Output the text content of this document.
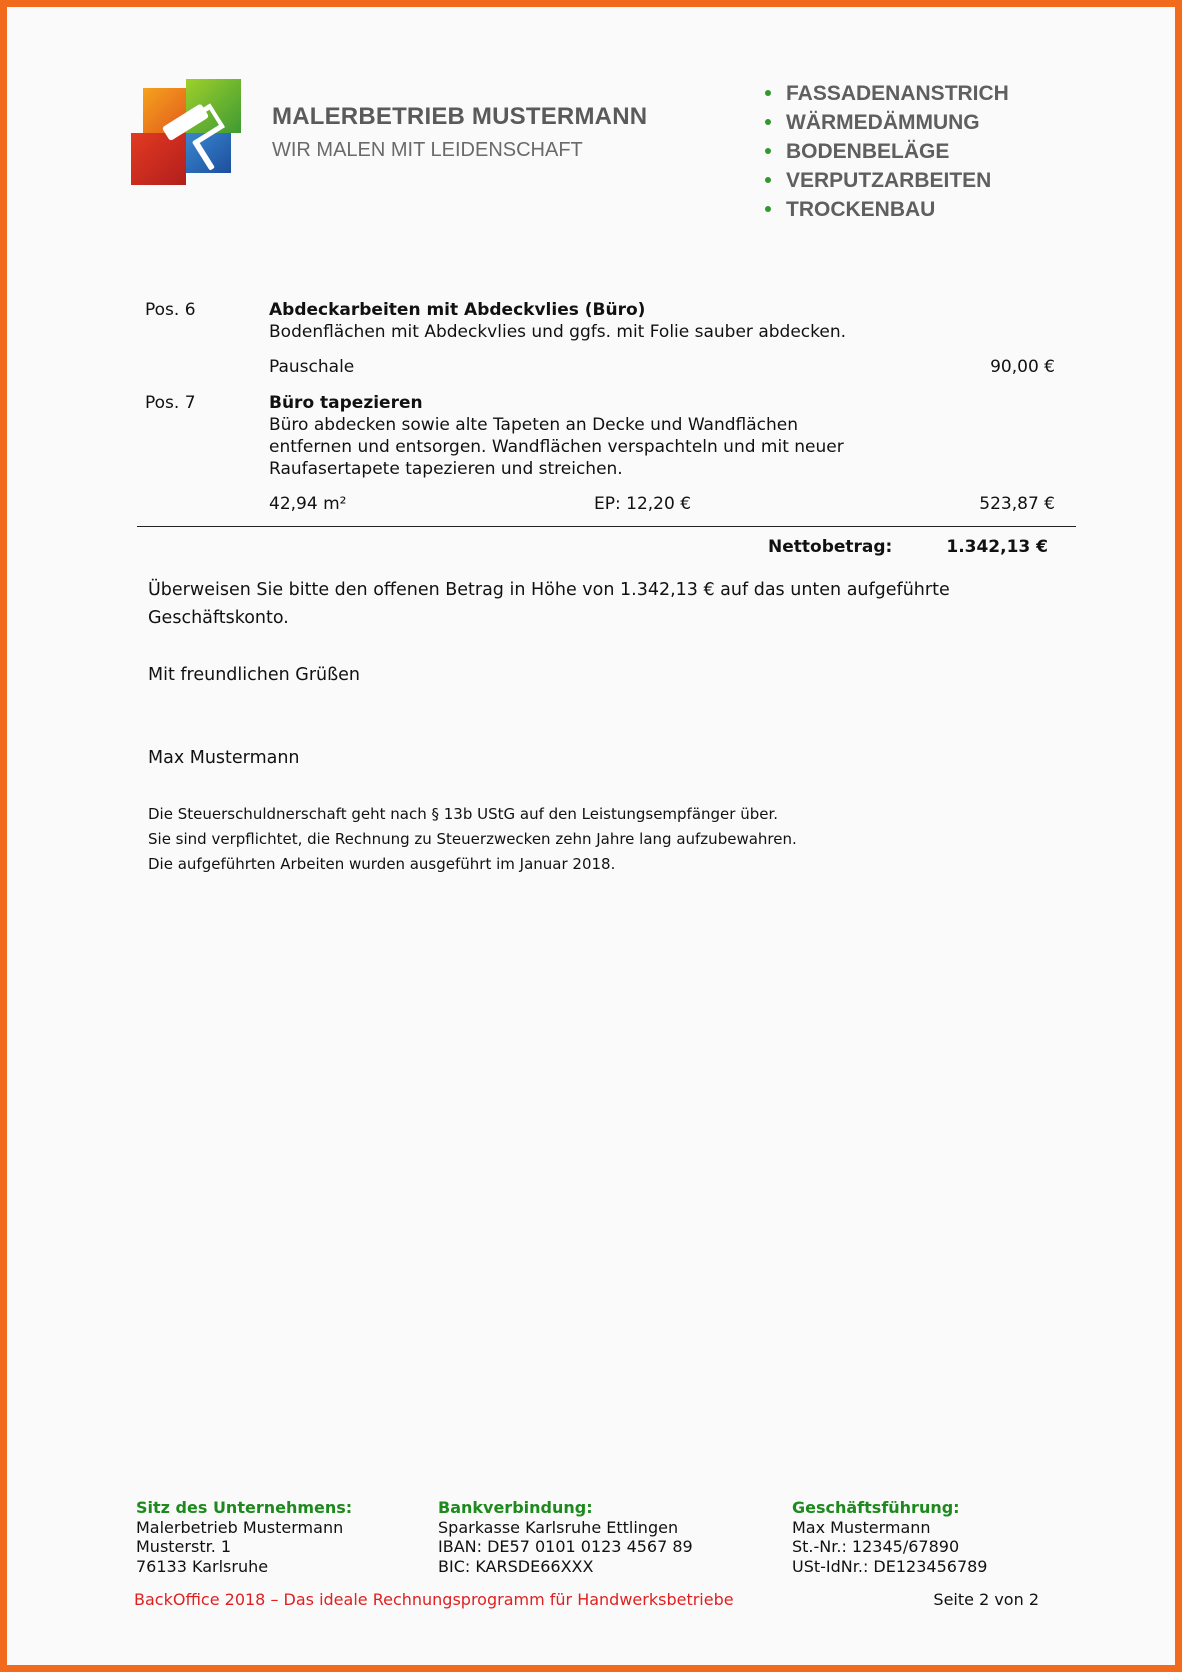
MALERBETRIEB MUSTERMANN
WIR MALEN MIT LEIDENSCHAFT
FASSADENANSTRICH
WÄRMEDÄMMUNG
BODENBELÄGE
VERPUTZARBEITEN
TROCKENBAU
Pos. 6	Abdeckarbeiten mit Abdeckvlies (Büro)
Bodenflächen mit Abdeckvlies und ggfs. mit Folie sauber abdecken.
Pauschale	90,00 €
Pos. 7	Büro tapezieren
Büro abdecken sowie alte Tapeten an Decke und Wandflächen
entfernen und entsorgen. Wandflächen verspachteln und mit neuer
Raufasertapete tapezieren und streichen.
42,94 m²	EP: 12,20 €	523,87 €
Nettobetrag:	1.342,13 €
Überweisen Sie bitte den offenen Betrag in Höhe von 1.342,13 € auf das unten aufgeführte
Geschäftskonto.
Mit freundlichen Grüßen
Max Mustermann
Die Steuerschuldnerschaft geht nach § 13b UStG auf den Leistungsempfänger über.
Sie sind verpflichtet, die Rechnung zu Steuerzwecken zehn Jahre lang aufzubewahren.
Die aufgeführten Arbeiten wurden ausgeführt im Januar 2018.
Sitz des Unternehmens:
Malerbetrieb Mustermann
Musterstr. 1
76133 Karlsruhe
Bankverbindung:
Sparkasse Karlsruhe Ettlingen
IBAN: DE57 0101 0123 4567 89
BIC: KARSDE66XXX
Geschäftsführung:
Max Mustermann
St.-Nr.: 12345/67890
USt-IdNr.: DE123456789
BackOffice 2018 – Das ideale Rechnungsprogramm für Handwerksbetriebe	Seite 2 von 2
